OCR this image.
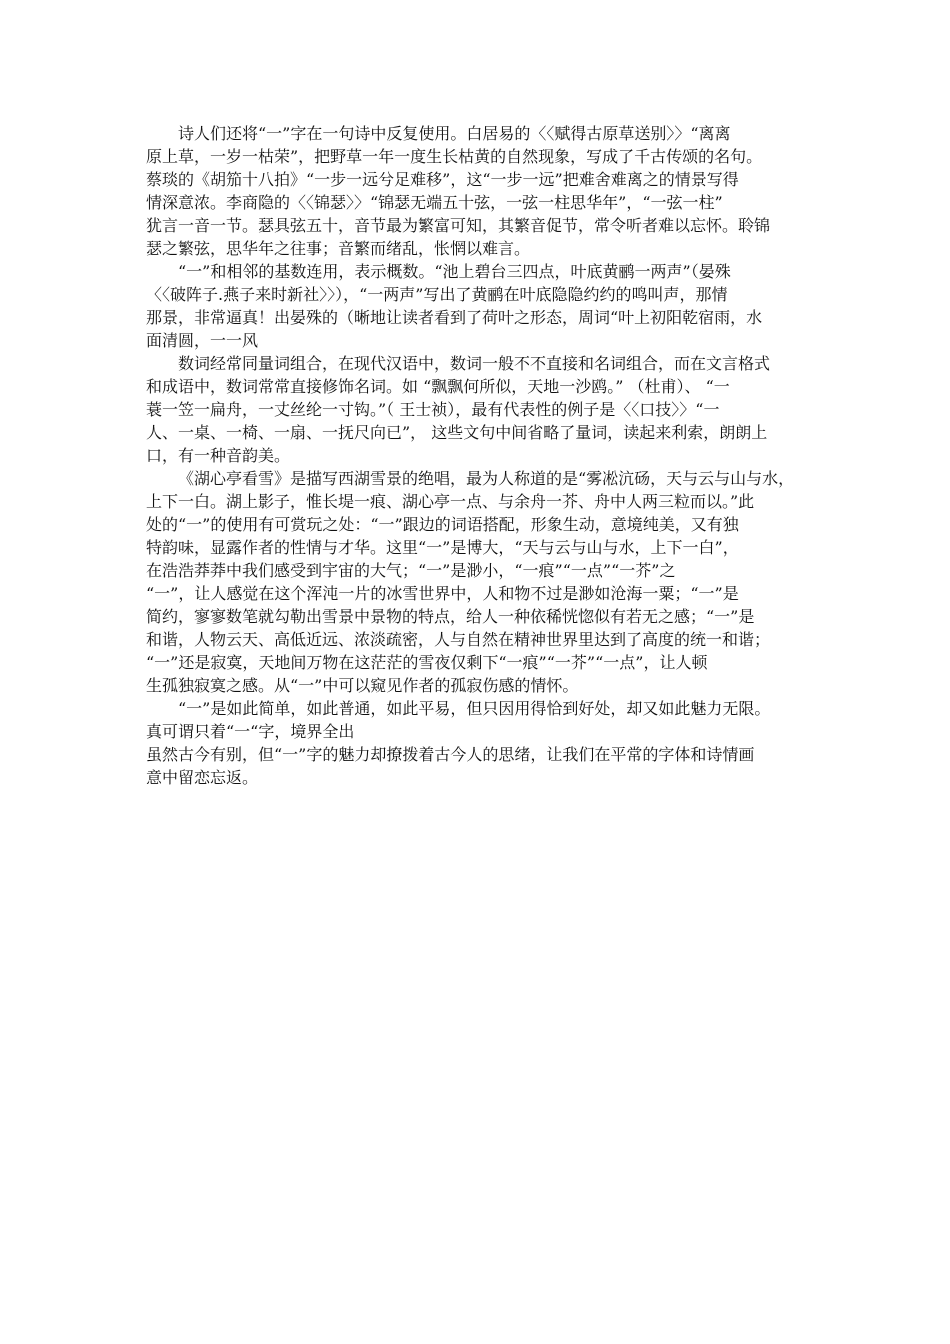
诗人们还将“一”字在一句诗中反复使用。白居易的〈〈赋得古原草送别〉〉“离离
原上草，一岁一枯荣”，把野草一年一度生长枯黄的自然现象，写成了千古传颂的名句。
蔡琰的《胡笳十八拍》“一步一远兮足难移”，这“一步一远”把难舍难离之的情景写得
情深意浓。李商隐的〈〈锦瑟〉〉“锦瑟无端五十弦，一弦一柱思华年”，“一弦一柱”
犹言一音一节。瑟具弦五十，音节最为繁富可知，其繁音促节，常令听者难以忘怀。聆锦
瑟之繁弦，思华年之往事；音繁而绪乱，怅惘以难言。
“一”和相邻的基数连用，表示概数。“池上碧台三四点，叶底黄鹂一两声”（晏殊
〈〈破阵子.燕子来时新社〉〉），“一两声”写出了黄鹂在叶底隐隐约约的鸣叫声，那情
那景，非常逼真！出晏殊的（晰地让读者看到了荷叶之形态，周词“叶上初阳乾宿雨，水
面清圆，一一风
数词经常同量词组合，在现代汉语中，数词一般不不直接和名词组合，而在文言格式
和成语中，数词常常直接修饰名词。如 “飘飘何所似，天地一沙鸥。” （杜甫）、 “一
蓑一笠一扁舟，一丈丝纶一寸钩。”（ 王士祯），最有代表性的例子是〈〈口技〉〉“一
人、一桌、一椅、一扇、一抚尺向已”， 这些文句中间省略了量词，读起来利索，朗朗上
口，有一种音韵美。
《湖心亭看雪》是描写西湖雪景的绝唱，最为人称道的是“雾凇沆砀，天与云与山与水，
上下一白。湖上影子，惟长堤一痕、湖心亭一点、与余舟一芥、舟中人两三粒而以。”此
处的“一”的使用有可赏玩之处：“一”跟边的词语搭配，形象生动，意境纯美，又有独
特韵味，显露作者的性情与才华。这里“一”是博大，“天与云与山与水，上下一白”，
在浩浩莽莽中我们感受到宇宙的大气；“一”是渺小，“一痕”“一点”“一芥”之
“一”，让人感觉在这个浑沌一片的冰雪世界中，人和物不过是渺如沧海一粟；“一”是
简约，寥寥数笔就勾勒出雪景中景物的特点，给人一种依稀恍惚似有若无之感；“一”是
和谐，人物云天、高低近远、浓淡疏密，人与自然在精神世界里达到了高度的统一和谐；
“一”还是寂寞，天地间万物在这茫茫的雪夜仅剩下“一痕”“一芥”“一点”，让人顿
生孤独寂寞之感。从“一”中可以窥见作者的孤寂伤感的情怀。
“一”是如此简单，如此普通，如此平易，但只因用得恰到好处，却又如此魅力无限。
真可谓只着“一“字，境界全出
虽然古今有别，但“一”字的魅力却撩拨着古今人的思绪，让我们在平常的字体和诗情画
意中留恋忘返。
